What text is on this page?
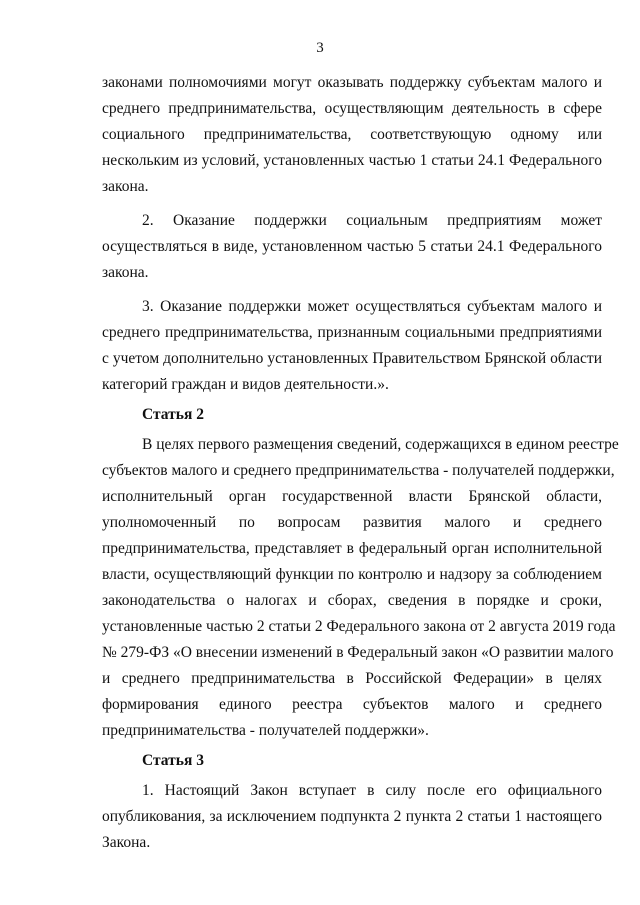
3
законами полномочиями могут оказывать поддержку субъектам малого и
среднего предпринимательства, осуществляющим деятельность в сфере
социального предпринимательства, соответствующую одному или
нескольким из условий, установленных частью 1 статьи 24.1 Федерального
закона.
2. Оказание поддержки социальным предприятиям может
осуществляться в виде, установленном частью 5 статьи 24.1 Федерального
закона.
3. Оказание поддержки может осуществляться субъектам малого и
среднего предпринимательства, признанным социальными предприятиями
с учетом дополнительно установленных Правительством Брянской области
категорий граждан и видов деятельности.».
Статья 2
В целях первого размещения сведений, содержащихся в едином реестре
субъектов малого и среднего предпринимательства - получателей поддержки,
исполнительный орган государственной власти Брянской области,
уполномоченный по вопросам развития малого и среднего
предпринимательства, представляет в федеральный орган исполнительной
власти, осуществляющий функции по контролю и надзору за соблюдением
законодательства о налогах и сборах, сведения в порядке и сроки,
установленные частью 2 статьи 2 Федерального закона от 2 августа 2019 года
№ 279-ФЗ «О внесении изменений в Федеральный закон «О развитии малого
и среднего предпринимательства в Российской Федерации» в целях
формирования единого реестра субъектов малого и среднего
предпринимательства - получателей поддержки».
Статья 3
1. Настоящий Закон вступает в силу после его официального
опубликования, за исключением подпункта 2 пункта 2 статьи 1 настоящего
Закона.
